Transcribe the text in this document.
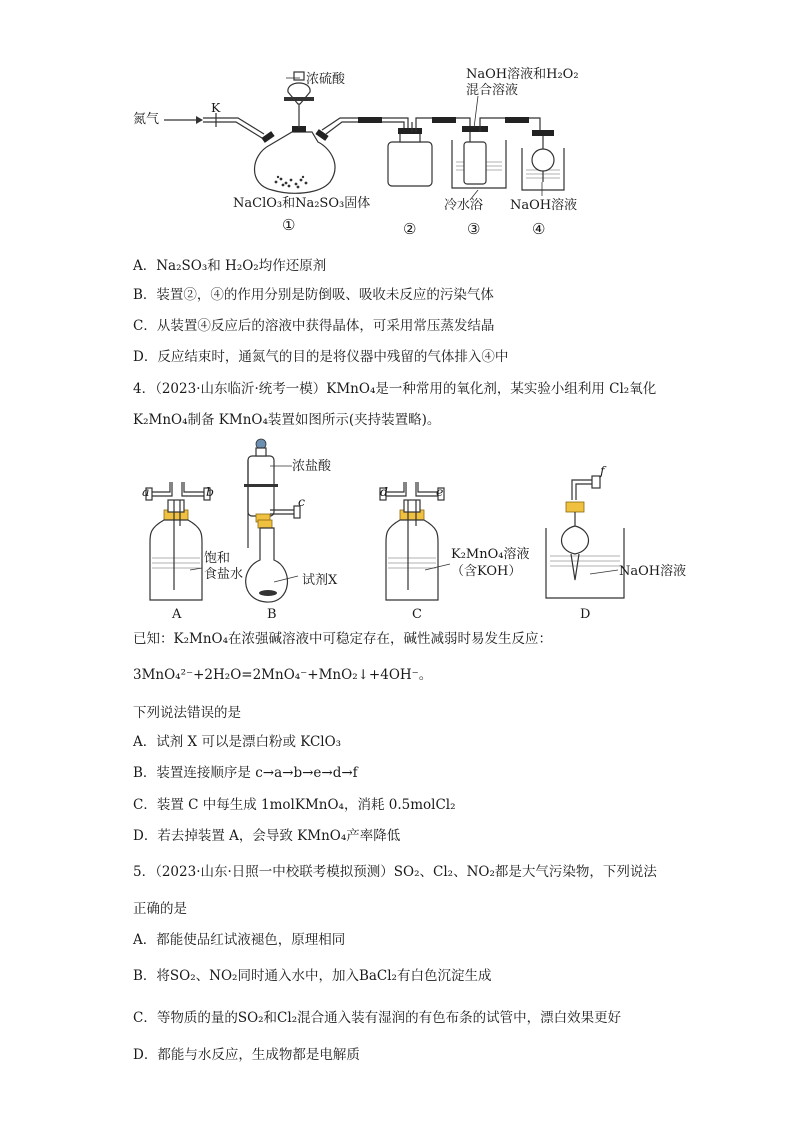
氮气
K
浓硫酸
NaClO₃和Na₂SO₃固体
NaOH溶液和H₂O₂
混合溶液
冷水浴 NaOH溶液
①	②	③	④
A．Na₂SO₃和 H₂O₂均作还原剂
B．装置②，④的作用分别是防倒吸、吸收未反应的污染气体
C．从装置④反应后的溶液中获得晶体，可采用常压蒸发结晶
D．反应结束时，通氮气的目的是将仪器中残留的气体排入④中
4．（2023·山东临沂·统考一模）KMnO₄是一种常用的氧化剂，某实验小组利用 Cl₂氧化
K₂MnO₄制备 KMnO₄装置如图所示(夹持装置略)。
a	b
浓盐酸
c
饱和
食盐水	试剂X
d	e
K₂MnO₄溶液
（含KOH）
f
NaOH溶液
A	B	C	D
已知：K₂MnO₄在浓强碱溶液中可稳定存在，碱性减弱时易发生反应：
3MnO₄²⁻+2H₂O=2MnO₄⁻+MnO₂↓+4OH⁻。
下列说法错误的是
A．试剂 X 可以是漂白粉或 KClO₃
B．装置连接顺序是 c→a→b→e→d→f
C．装置 C 中每生成 1molKMnO₄，消耗 0.5molCl₂
D．若去掉装置 A，会导致 KMnO₄产率降低
5．（2023·山东·日照一中校联考模拟预测）SO₂、Cl₂、NO₂都是大气污染物，下列说法
正确的是
A．都能使品红试液褪色，原理相同
B．将SO₂、NO₂同时通入水中，加入BaCl₂有白色沉淀生成
C．等物质的量的SO₂和Cl₂混合通入装有湿润的有色布条的试管中，漂白效果更好
D．都能与水反应，生成物都是电解质
